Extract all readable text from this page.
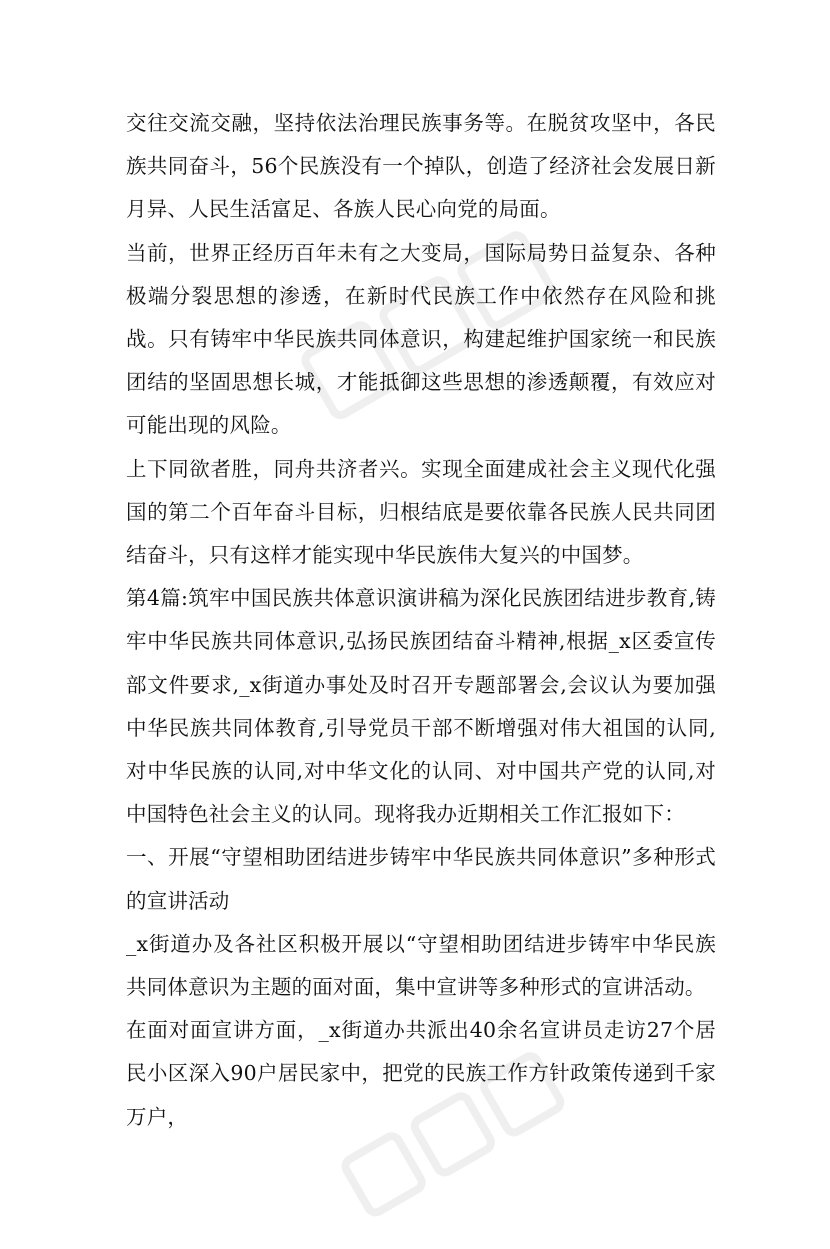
交往交流交融，坚持依法治理民族事务等。在脱贫攻坚中，各民族共同奋斗，56个民族没有一个掉队，创造了经济社会发展日新月异、人民生活富足、各族人民心向党的局面。

当前，世界正经历百年未有之大变局，国际局势日益复杂、各种极端分裂思想的渗透，在新时代民族工作中依然存在风险和挑战。只有铸牢中华民族共同体意识，构建起维护国家统一和民族团结的坚固思想长城，才能抵御这些思想的渗透颠覆，有效应对可能出现的风险。

上下同欲者胜，同舟共济者兴。实现全面建成社会主义现代化强国的第二个百年奋斗目标，归根结底是要依靠各民族人民共同团结奋斗，只有这样才能实现中华民族伟大复兴的中国梦。

第4篇:筑牢中国民族共体意识演讲稿为深化民族团结进步教育,铸牢中华民族共同体意识,弘扬民族团结奋斗精神,根据_x区委宣传部文件要求,_x街道办事处及时召开专题部署会,会议认为要加强中华民族共同体教育,引导党员干部不断增强对伟大祖国的认同,对中华民族的认同,对中华文化的认同、对中国共产党的认同,对中国特色社会主义的认同。现将我办近期相关工作汇报如下：

一、开展“守望相助团结进步铸牢中华民族共同体意识”多种形式的宣讲活动

_x街道办及各社区积极开展以“守望相助团结进步铸牢中华民族共同体意识为主题的面对面，集中宣讲等多种形式的宣讲活动。

在面对面宣讲方面，_x街道办共派出40余名宣讲员走访27个居民小区深入90户居民家中，把党的民族工作方针政策传递到千家万户，
